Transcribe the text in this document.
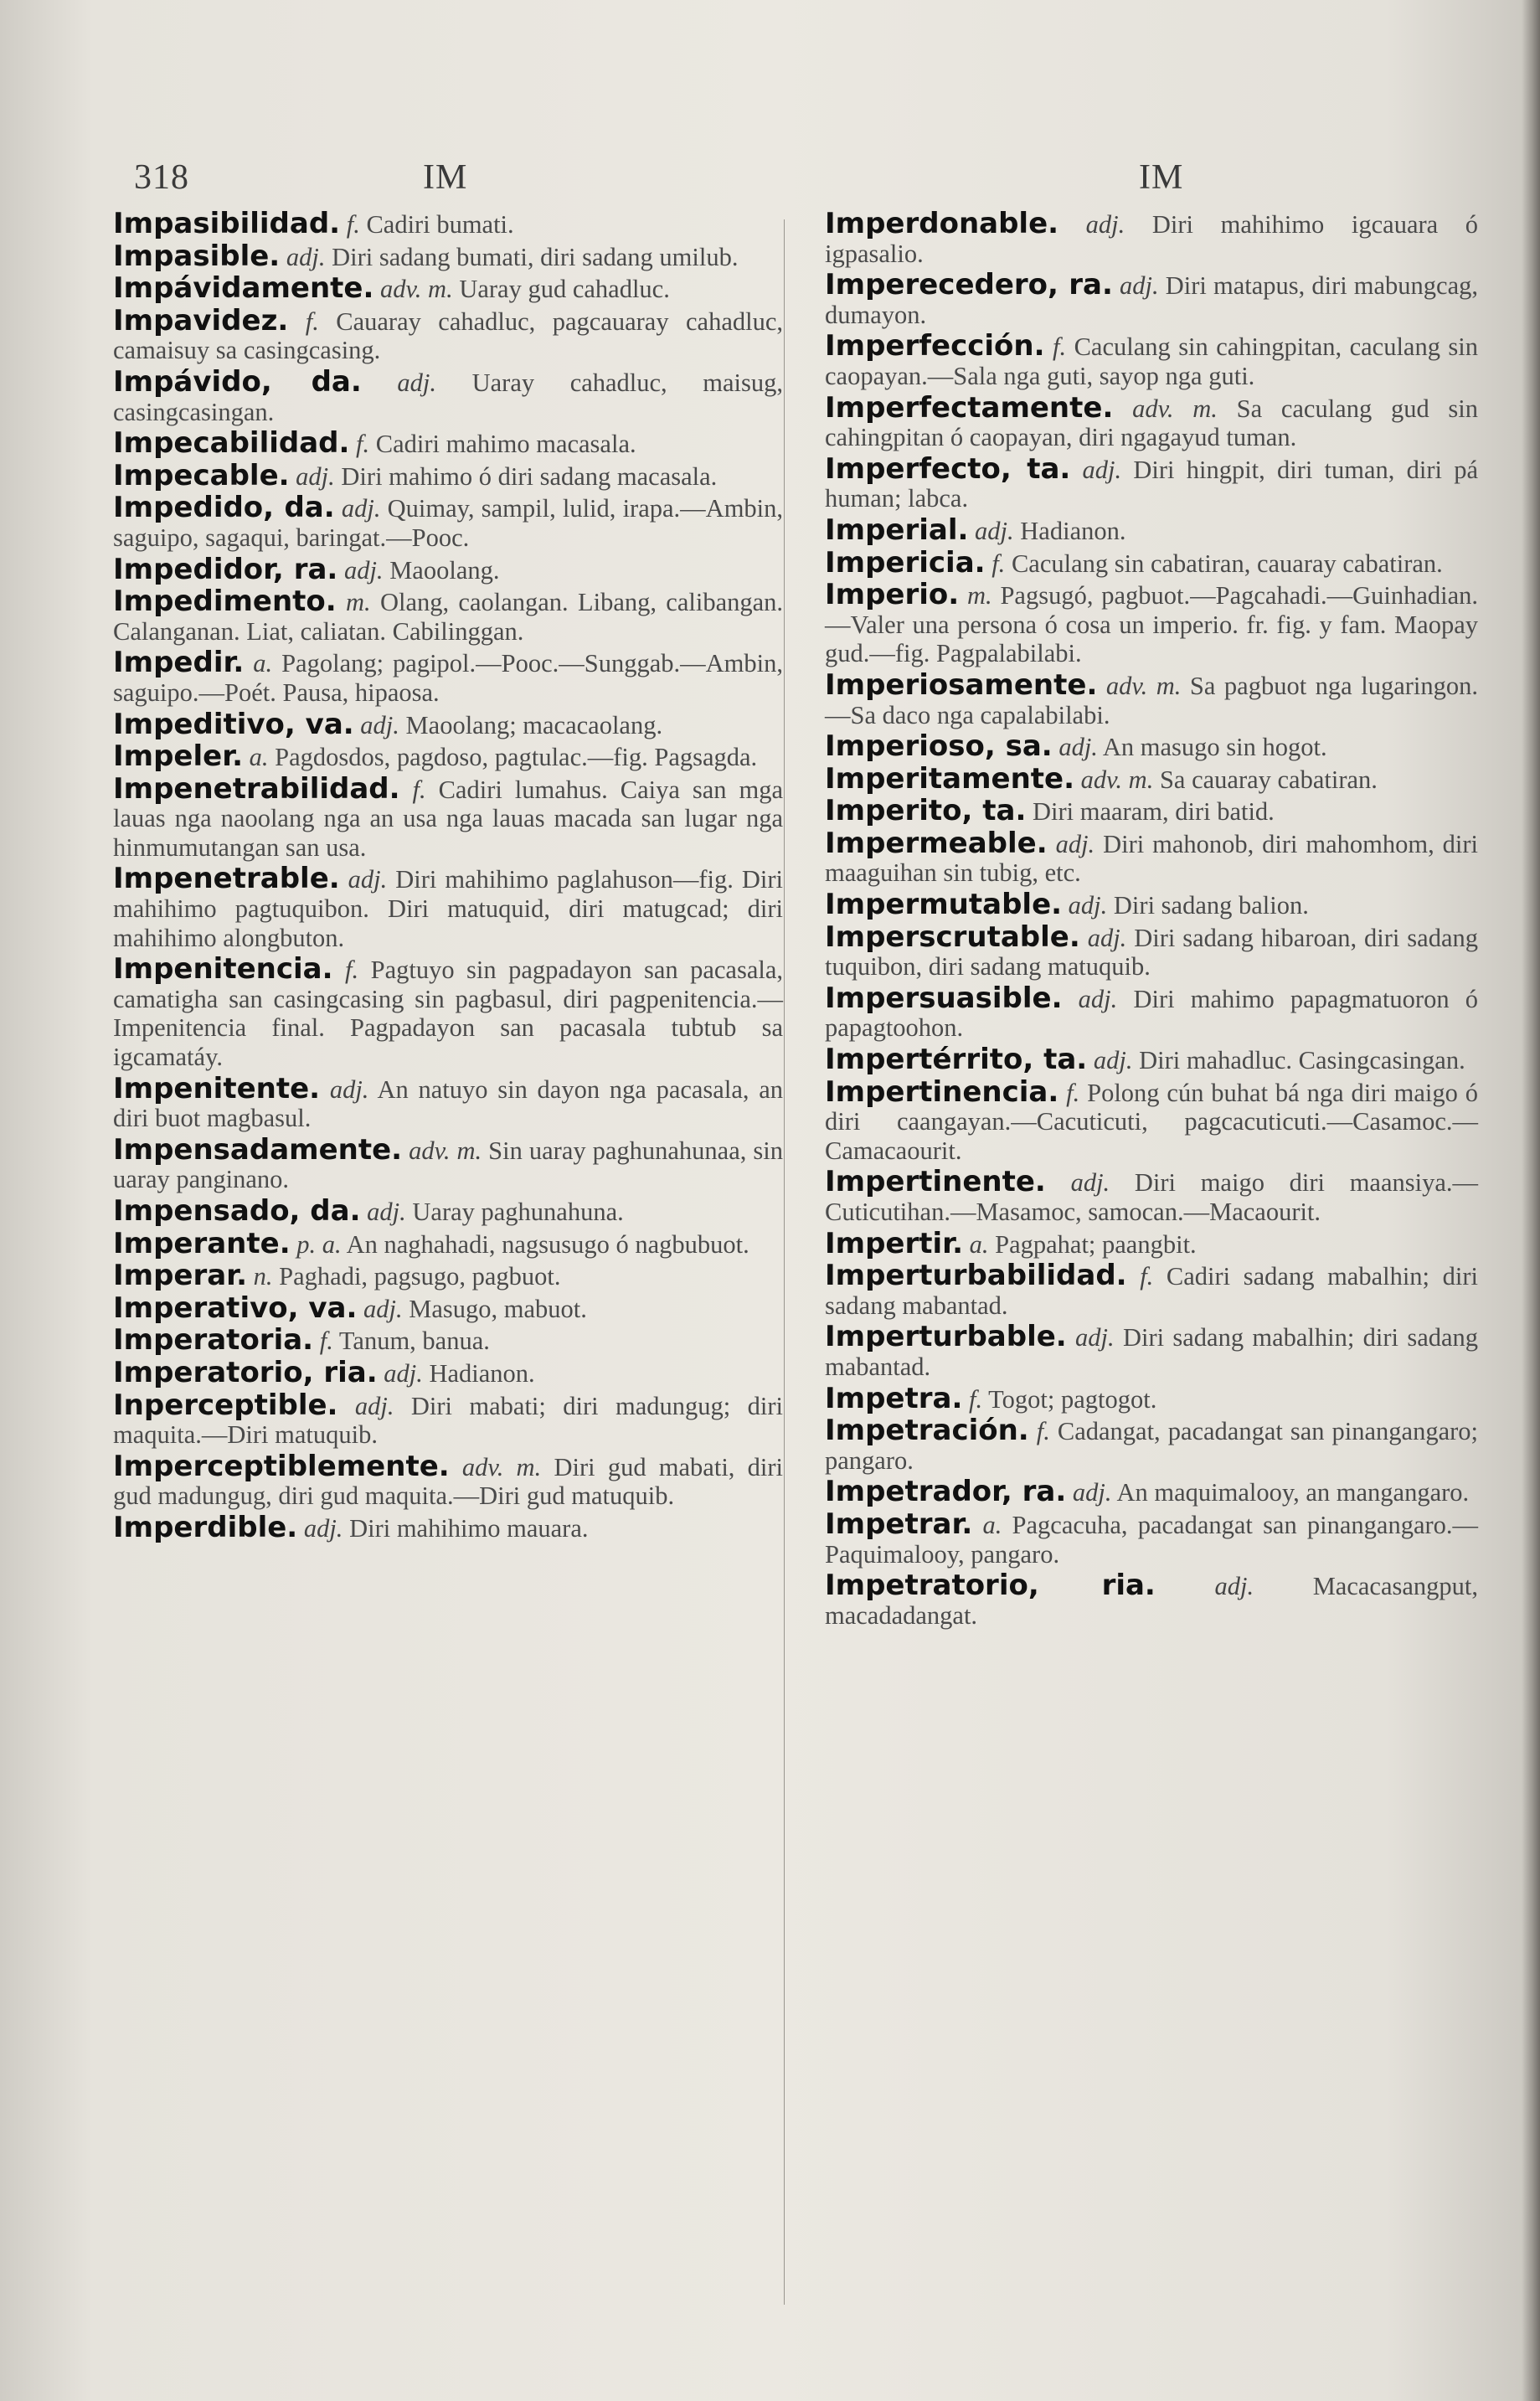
318	IM	IM

Impasibilidad. f. Cadiri bumati.

Impasible. adj. Diri sadang bumati, diri sadang umilub.

Impávidamente. adv. m. Uaray gud cahadluc.

Impavidez. f. Cauaray cahadluc, pagcauaray cahadluc, camaisuy sa casingcasing.

Impávido, da. adj. Uaray cahadluc, maisug, casingcasingan.

Impecabilidad. f. Cadiri mahimo macasala.

Impecable. adj. Diri mahimo ó diri sadang macasala.

Impedido, da. adj. Quimay, sampil, lulid, irapa.—Ambin, saguipo, sagaqui, baringat.—Pooc.

Impedidor, ra. adj. Maoolang.

Impedimento. m. Olang, caolangan. Libang, calibangan. Calanganan. Liat, caliatan. Cabilinggan.

Impedir. a. Pagolang; pagipol.—Pooc.—Sunggab.—Ambin, saguipo.—Poét. Pausa, hipaosa.

Impeditivo, va. adj. Maoolang; macacaolang.

Impeler. a. Pagdosdos, pagdoso, pagtulac.—fig. Pagsagda.

Impenetrabilidad. f. Cadiri lumahus. Caiya san mga lauas nga naoolang nga an usa nga lauas macada san lugar nga hinmumutangan san usa.

Impenetrable. adj. Diri mahihimo paglahuson—fig. Diri mahihimo pagtuquibon. Diri matuquid, diri matugcad; diri mahihimo alongbuton.

Impenitencia. f. Pagtuyo sin pagpadayon san pacasala, camatigha san casingcasing sin pagbasul, diri pagpenitencia.—Impenitencia final. Pagpadayon san pacasala tubtub sa igcamatáy.

Impenitente. adj. An natuyo sin dayon nga pacasala, an diri buot magbasul.

Impensadamente. adv. m. Sin uaray paghunahunaa, sin uaray panginano.

Impensado, da. adj. Uaray paghunahuna.

Imperante. p. a. An naghahadi, nagsusugo ó nagbubuot.

Imperar. n. Paghadi, pagsugo, pagbuot.

Imperativo, va. adj. Masugo, mabuot.

Imperatoria. f. Tanum, banua.

Imperatorio, ria. adj. Hadianon.

Inperceptible. adj. Diri mabati; diri madungug; diri maquita.—Diri matuquib.

Imperceptiblemente. adv. m. Diri gud mabati, diri gud madungug, diri gud maquita.—Diri gud matuquib.

Imperdible. adj. Diri mahihimo mauara.

Imperdonable. adj. Diri mahihimo igcauara ó igpasalio.

Imperecedero, ra. adj. Diri matapus, diri mabungcag, dumayon.

Imperfección. f. Caculang sin cahingpitan, caculang sin caopayan.—Sala nga guti, sayop nga guti.

Imperfectamente. adv. m. Sa caculang gud sin cahingpitan ó caopayan, diri ngagayud tuman.

Imperfecto, ta. adj. Diri hingpit, diri tuman, diri pá human; labca.

Imperial. adj. Hadianon.

Impericia. f. Caculang sin cabatiran, cauaray cabatiran.

Imperio. m. Pagsugó, pagbuot.—Pagcahadi.—Guinhadian.—Valer una persona ó cosa un imperio. fr. fig. y fam. Maopay gud.—fig. Pagpalabilabi.

Imperiosamente. adv. m. Sa pagbuot nga lugaringon.—Sa daco nga capalabilabi.

Imperioso, sa. adj. An masugo sin hogot.

Imperitamente. adv. m. Sa cauaray cabatiran.

Imperito, ta. Diri maaram, diri batid.

Impermeable. adj. Diri mahonob, diri mahomhom, diri maaguihan sin tubig, etc.

Impermutable. adj. Diri sadang balion.

Imperscrutable. adj. Diri sadang hibaroan, diri sadang tuquibon, diri sadang matuquib.

Impersuasible. adj. Diri mahimo papagmatuoron ó papagtoohon.

Impertérrito, ta. adj. Diri mahadluc. Casingcasingan.

Impertinencia. f. Polong cún buhat bá nga diri maigo ó diri caangayan.—Cacuticuti, pagcacuticuti.—Casamoc.—Camacaourit.

Impertinente. adj. Diri maigo diri maansiya.—Cuticutihan.—Masamoc, samocan.—Macaourit.

Impertir. a. Pagpahat; paangbit.

Imperturbabilidad. f. Cadiri sadang mabalhin; diri sadang mabantad.

Imperturbable. adj. Diri sadang mabalhin; diri sadang mabantad.

Impetra. f. Togot; pagtogot.

Impetración. f. Cadangat, pacadangat san pinangangaro; pangaro.

Impetrador, ra. adj. An maquimalooy, an mangangaro.

Impetrar. a. Pagcacuha, pacadangat san pinangangaro.—Paquimalooy, pangaro.

Impetratorio, ria. adj. Macacasangput, macadadangat.
